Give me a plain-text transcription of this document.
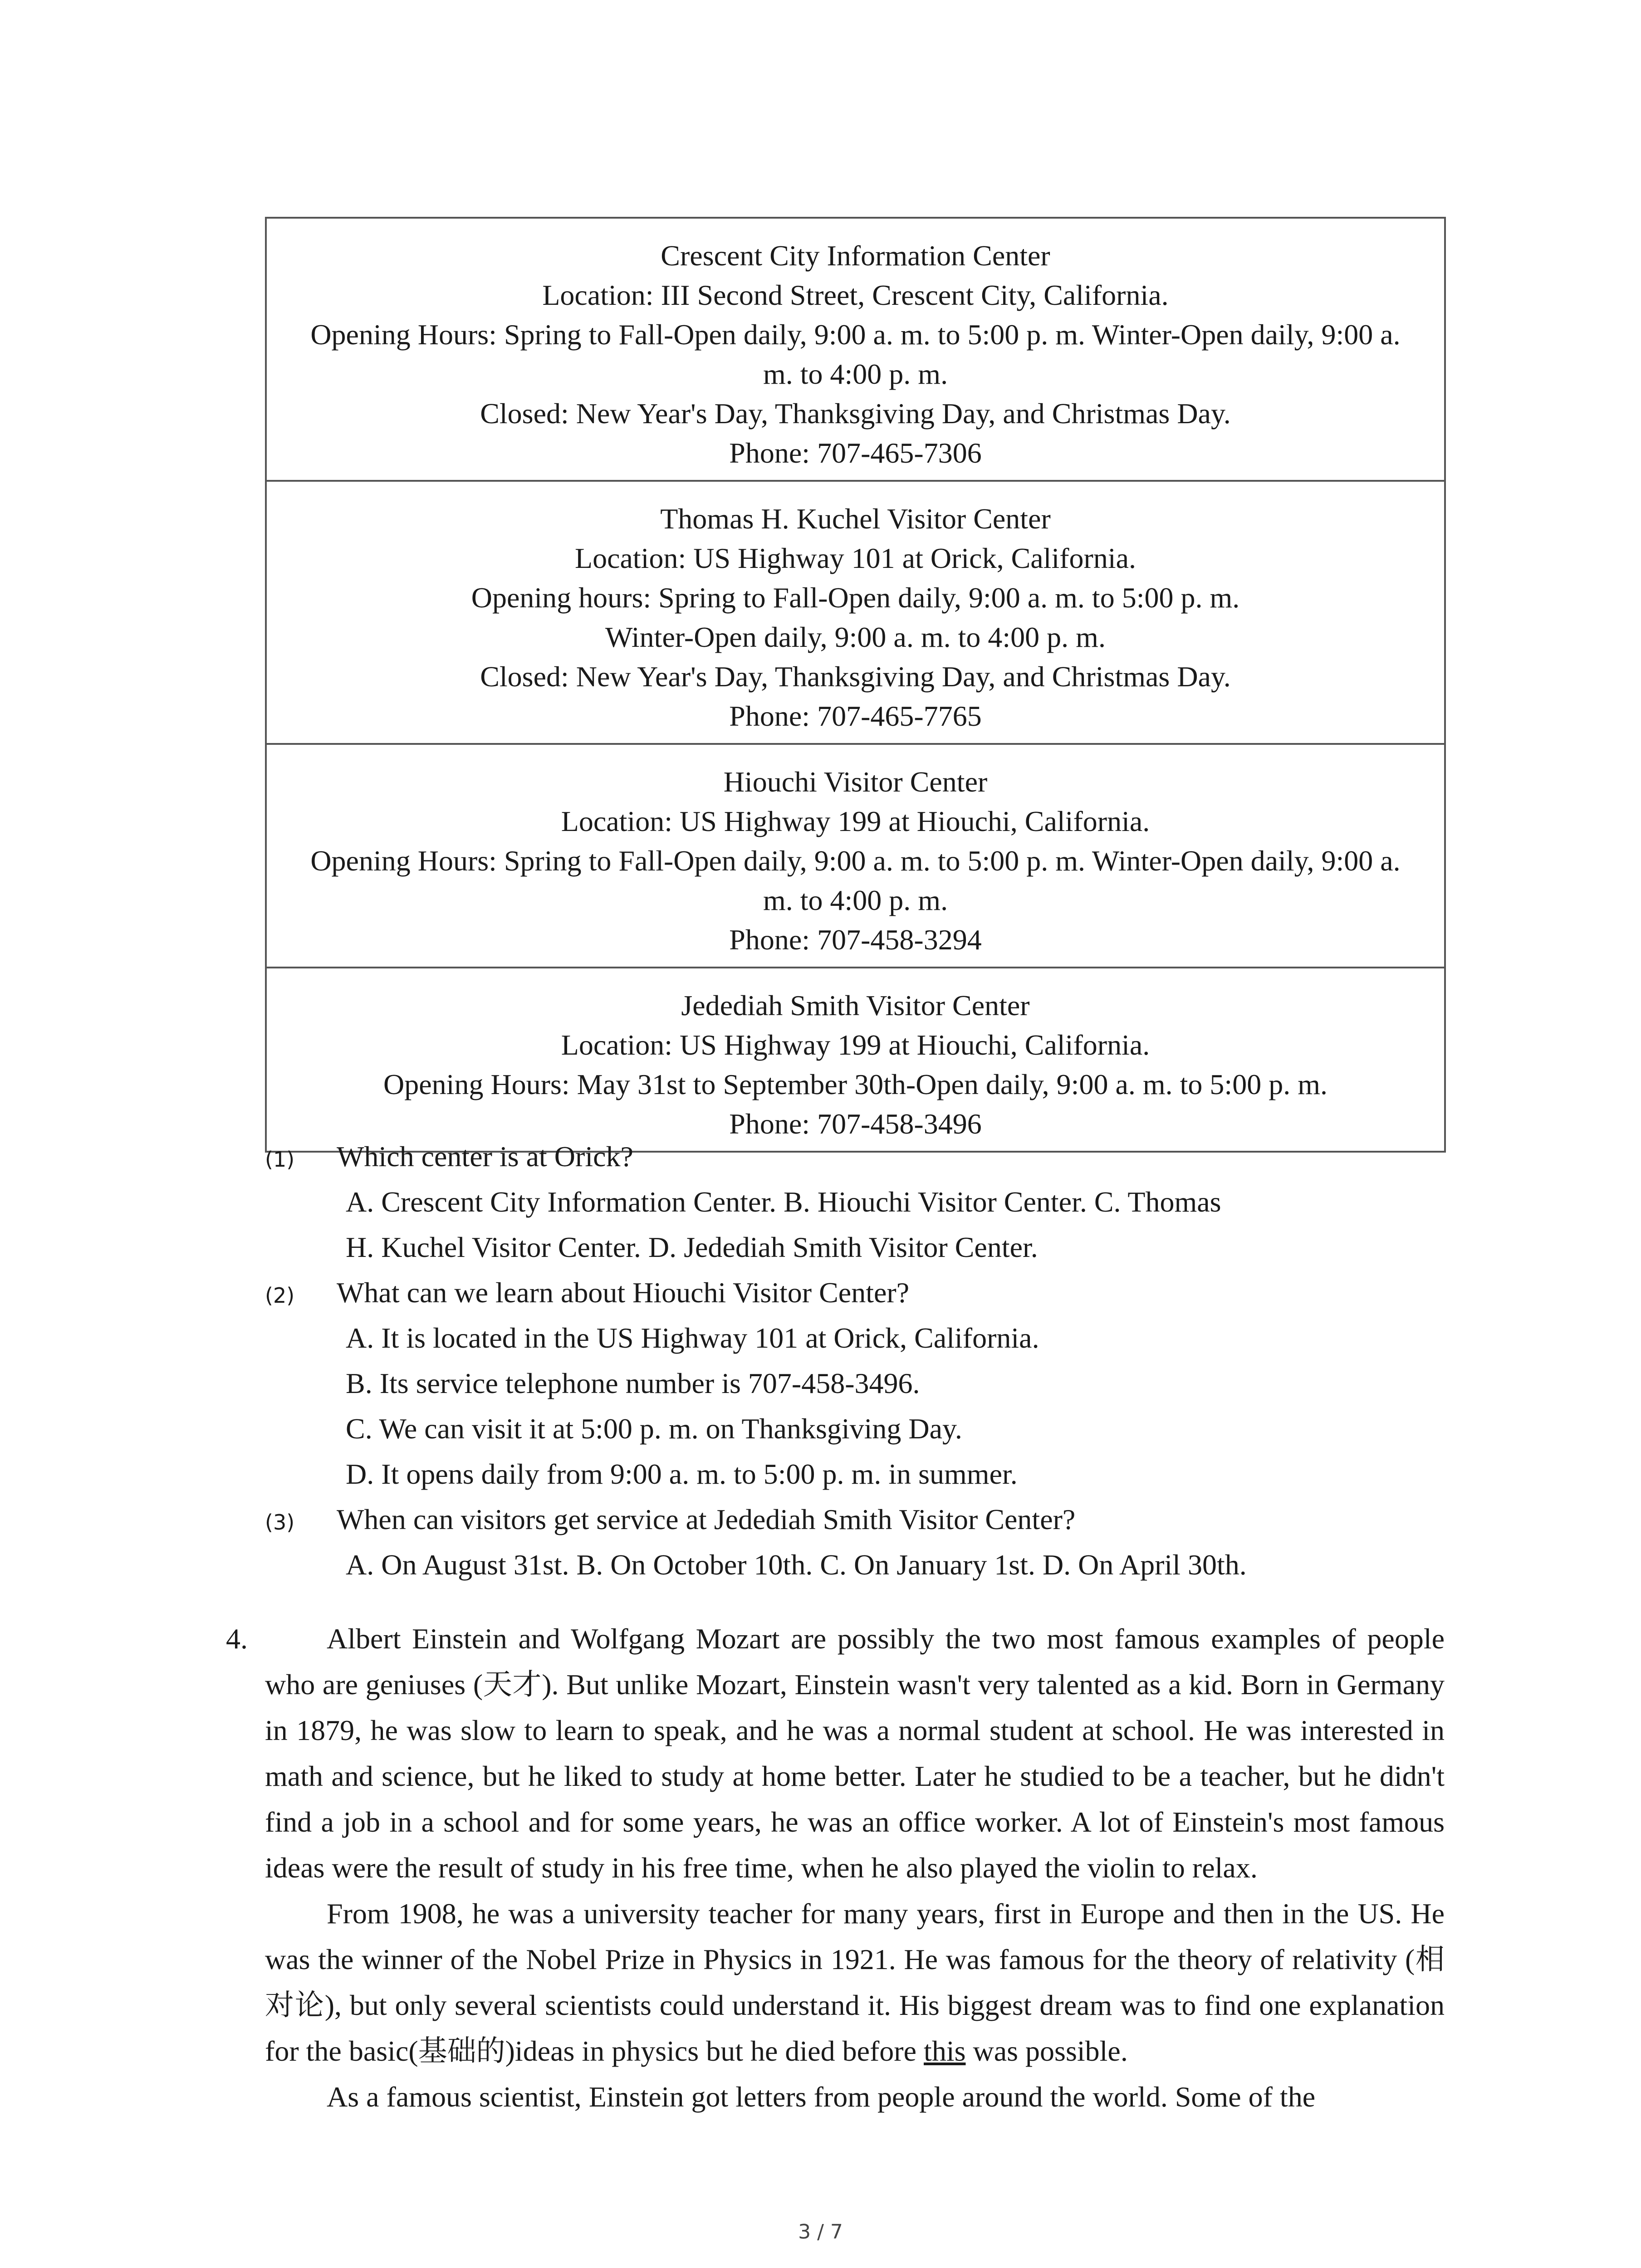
Crescent City Information Center
Location: III Second Street, Crescent City, California.
Opening Hours: Spring to Fall-Open daily, 9:00 a. m. to 5:00 p. m. Winter-Open daily, 9:00 a.
m. to 4:00 p. m.
Closed: New Year's Day, Thanksgiving Day, and Christmas Day.
Phone: 707-465-7306

Thomas H. Kuchel Visitor Center
Location: US Highway 101 at Orick, California.
Opening hours: Spring to Fall-Open daily, 9:00 a. m. to 5:00 p. m.
Winter-Open daily, 9:00 a. m. to 4:00 p. m.
Closed: New Year's Day, Thanksgiving Day, and Christmas Day.
Phone: 707-465-7765

Hiouchi Visitor Center
Location: US Highway 199 at Hiouchi, California.
Opening Hours: Spring to Fall-Open daily, 9:00 a. m. to 5:00 p. m. Winter-Open daily, 9:00 a.
m. to 4:00 p. m.
Phone: 707-458-3294

Jedediah Smith Visitor Center
Location: US Highway 199 at Hiouchi, California.
Opening Hours: May 31st to September 30th-Open daily, 9:00 a. m. to 5:00 p. m.
Phone: 707-458-3496
(1) Which center is at Orick?
A. Crescent City Information Center. B. Hiouchi Visitor Center. C. Thomas
H. Kuchel Visitor Center. D. Jedediah Smith Visitor Center.
(2) What can we learn about Hiouchi Visitor Center?
A. It is located in the US Highway 101 at Orick, California.
B. Its service telephone number is 707-458-3496.
C. We can visit it at 5:00 p. m. on Thanksgiving Day.
D. It opens daily from 9:00 a. m. to 5:00 p. m. in summer.
(3) When can visitors get service at Jedediah Smith Visitor Center?
A. On August 31st. B. On October 10th. C. On January 1st. D. On April 30th.
4.	Albert Einstein and Wolfgang Mozart are possibly the two most famous examples of people who are geniuses (天才). But unlike Mozart, Einstein wasn't very talented as a kid. Born in Germany in 1879, he was slow to learn to speak, and he was a normal student at school. He was interested in math and science, but he liked to study at home better. Later he studied to be a teacher, but he didn't find a job in a school and for some years, he was an office worker. A lot of Einstein's most famous ideas were the result of study in his free time, when he also played the violin to relax.

From 1908, he was a university teacher for many years, first in Europe and then in the US. He was the winner of the Nobel Prize in Physics in 1921. He was famous for the theory of relativity (相对论), but only several scientists could understand it. His biggest dream was to find one explanation for the basic(基础的)ideas in physics but he died before this was possible.

As a famous scientist, Einstein got letters from people around the world. Some of the

3 / 7
